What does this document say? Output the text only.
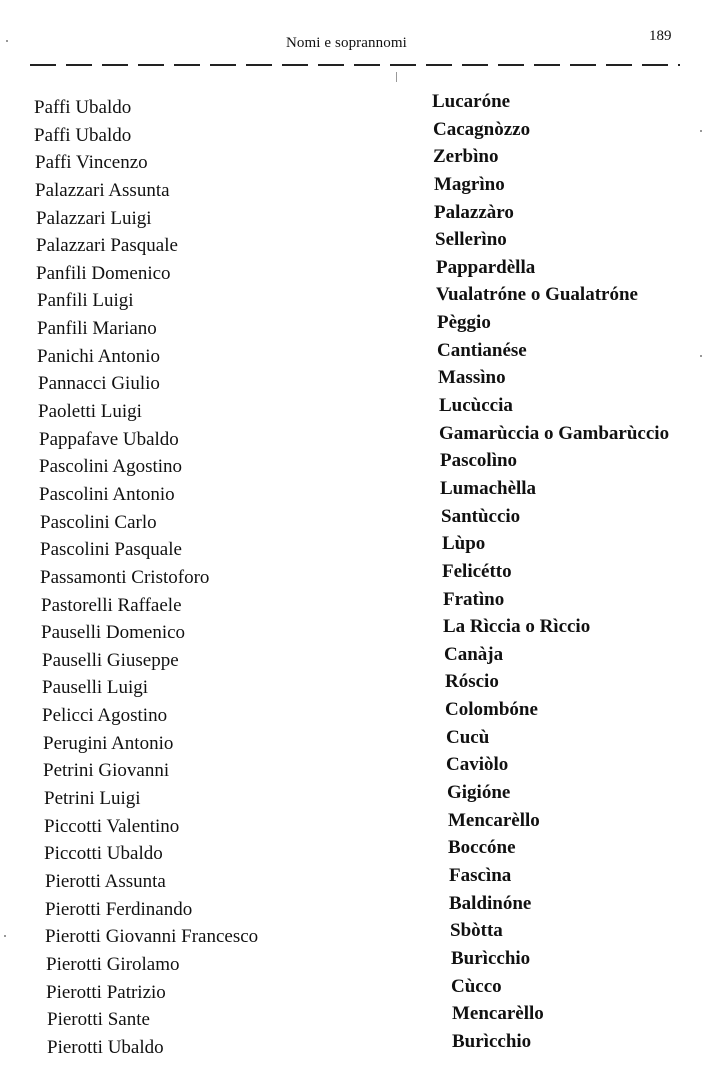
Nomi e soprannomi	189
Paffi Ubaldo
Paffi Ubaldo
Paffi Vincenzo
Palazzari Assunta
Palazzari Luigi
Palazzari Pasquale
Panfili Domenico
Panfili Luigi
Panfili Mariano
Panichi Antonio
Pannacci Giulio
Paoletti Luigi
Pappafave Ubaldo
Pascolini Agostino
Pascolini Antonio
Pascolini Carlo
Pascolini Pasquale
Passamonti Cristoforo
Pastorelli Raffaele
Pauselli Domenico
Pauselli Giuseppe
Pauselli Luigi
Pelicci Agostino
Perugini Antonio
Petrini Giovanni
Petrini Luigi
Piccotti Valentino
Piccotti Ubaldo
Pierotti Assunta
Pierotti Ferdinando
Pierotti Giovanni Francesco
Pierotti Girolamo
Pierotti Patrizio
Pierotti Sante
Pierotti Ubaldo
Lucaróne
Cacagnòzzo
Zerbìno
Magrìno
Palazzàro
Sellerìno
Pappardèlla
Vualatróne o Gualatróne
Pèggio
Cantianése
Massìno
Lucùccia
Gamarùccia o Gambarùccio
Pascolìno
Lumachèlla
Santùccio
Lùpo
Felicétto
Fratìno
La Rìccia o Rìccio
Canàja
Róscio
Colombóne
Cucù
Caviòlo
Gigióne
Mencarèllo
Boccóne
Fascìna
Baldinóne
Sbòtta
Burìcchio
Cùcco
Mencarèllo
Burìcchio
